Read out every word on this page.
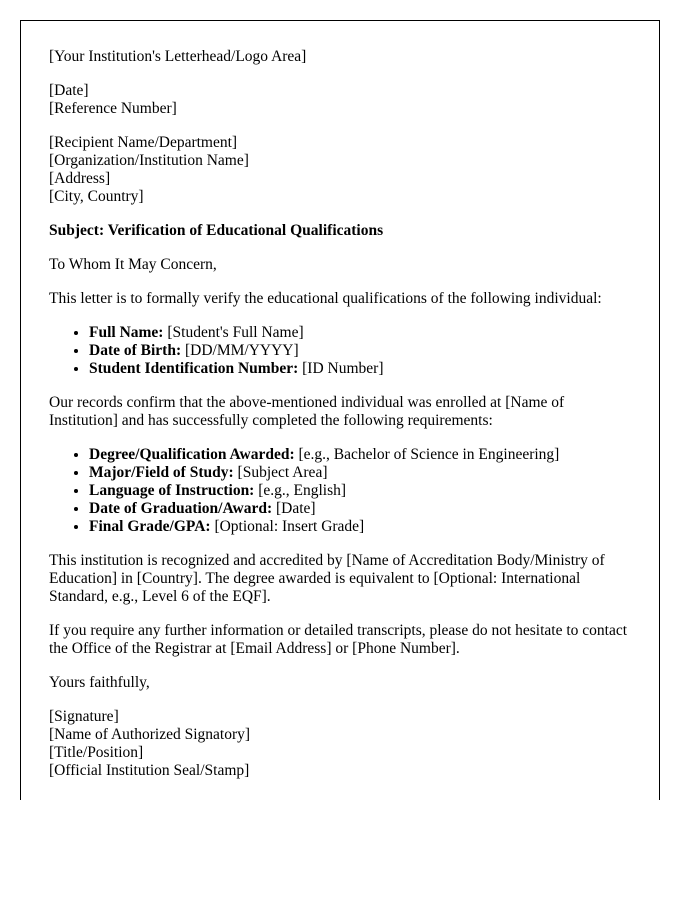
[Your Institution's Letterhead/Logo Area]

[Date]
[Reference Number]

[Recipient Name/Department]
[Organization/Institution Name]
[Address]
[City, Country]

Subject: Verification of Educational Qualifications

To Whom It May Concern,

This letter is to formally verify the educational qualifications of the following individual:

• Full Name: [Student's Full Name]
• Date of Birth: [DD/MM/YYYY]
• Student Identification Number: [ID Number]

Our records confirm that the above-mentioned individual was enrolled at [Name of Institution] and has successfully completed the following requirements:

• Degree/Qualification Awarded: [e.g., Bachelor of Science in Engineering]
• Major/Field of Study: [Subject Area]
• Language of Instruction: [e.g., English]
• Date of Graduation/Award: [Date]
• Final Grade/GPA: [Optional: Insert Grade]

This institution is recognized and accredited by [Name of Accreditation Body/Ministry of Education] in [Country]. The degree awarded is equivalent to [Optional: International Standard, e.g., Level 6 of the EQF].

If you require any further information or detailed transcripts, please do not hesitate to contact the Office of the Registrar at [Email Address] or [Phone Number].

Yours faithfully,

[Signature]
[Name of Authorized Signatory]
[Title/Position]
[Official Institution Seal/Stamp]
